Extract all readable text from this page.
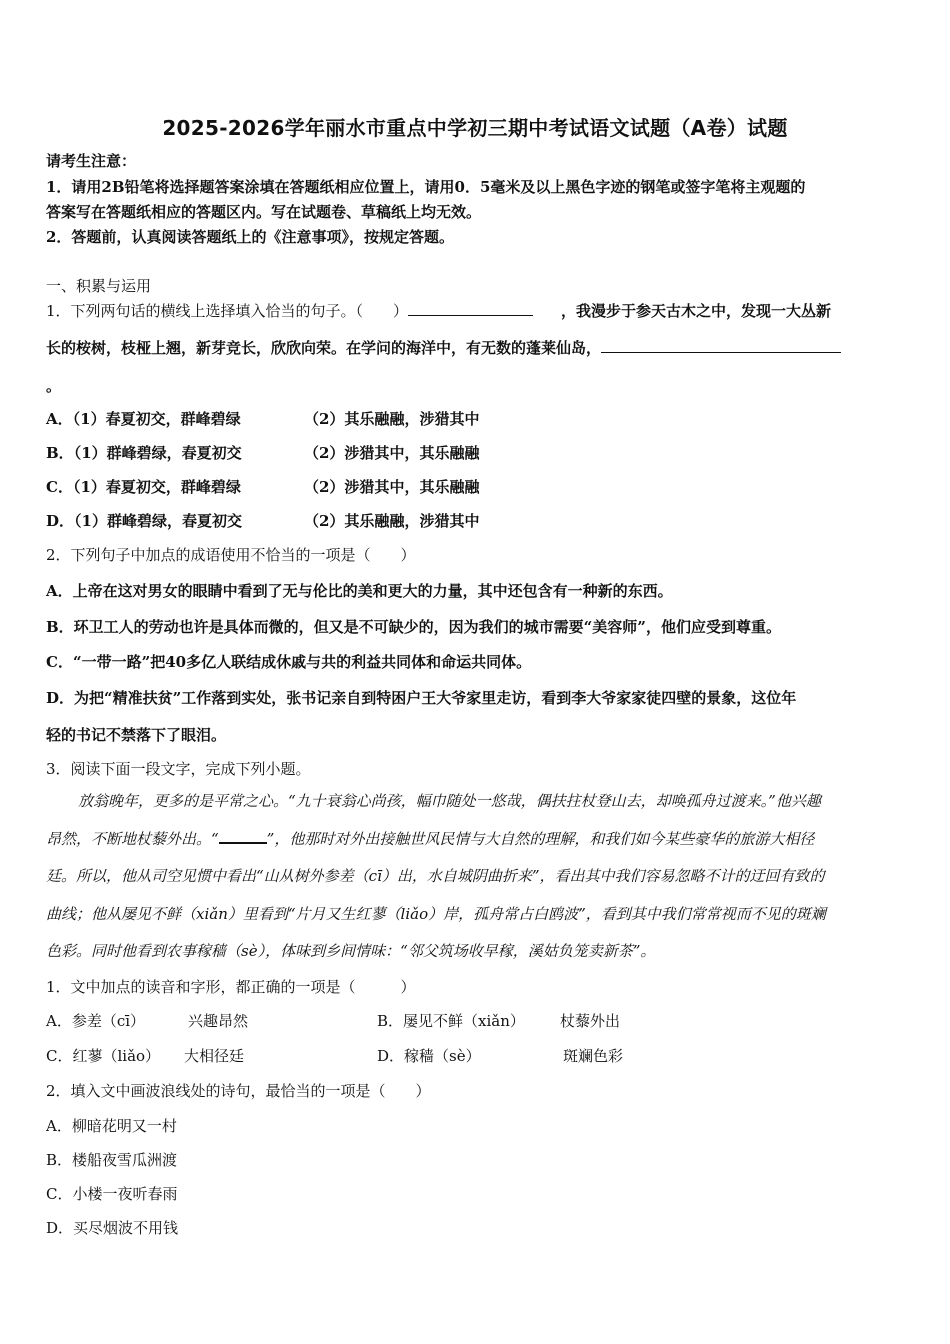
2025-2026学年丽水市重点中学初三期中考试语文试题（A卷）试题
请考生注意：
1．请用2B铅笔将选择题答案涂填在答题纸相应位置上，请用0．5毫米及以上黑色字迹的钢笔或签字笔将主观题的
答案写在答题纸相应的答题区内。写在试题卷、草稿纸上均无效。
2．答题前，认真阅读答题纸上的《注意事项》，按规定答题。
一、积累与运用
1．下列两句话的横线上选择填入恰当的句子。（　　）	，我漫步于参天古木之中，发现一大丛新
长的桉树，枝桠上翘，新芽竞长，欣欣向荣。在学问的海洋中，有无数的蓬莱仙岛，
。
A．（1）春夏初交，群峰碧绿	（2）其乐融融，涉猎其中
B．（1）群峰碧绿，春夏初交	（2）涉猎其中，其乐融融
C．（1）春夏初交，群峰碧绿	（2）涉猎其中，其乐融融
D．（1）群峰碧绿，春夏初交	（2）其乐融融，涉猎其中
2．下列句子中加点的成语使用不恰当的一项是（　　）
A．上帝在这对男女的眼睛中看到了无与伦比的美和更大的力量，其中还包含有一种新的东西。
B．环卫工人的劳动也许是具体而微的，但又是不可缺少的，因为我们的城市需要“美容师”，他们应受到尊重。
C．“一带一路”把40多亿人联结成休戚与共的利益共同体和命运共同体。
D．为把“精准扶贫”工作落到实处，张书记亲自到特困户王大爷家里走访，看到李大爷家家徒四壁的景象，这位年
轻的书记不禁落下了眼泪。
3．阅读下面一段文字，完成下列小题。
放翁晚年，更多的是平常之心。“九十衰翁心尚孩，幅巾随处一悠哉，偶扶拄杖登山去，却唤孤舟过渡来。”他兴趣
昂然，不断地杖藜外出。“	”，他那时对外出接触世风民情与大自然的理解，和我们如今某些豪华的旅游大相径
廷。所以，他从司空见惯中看出“山从树外参差（cī）出，水自城阴曲折来”，看出其中我们容易忽略不计的迂回有致的
曲线；他从屡见不鲜（xiǎn）里看到“片月又生红蓼（liǎo）岸，孤舟常占白鸥波”，看到其中我们常常视而不见的斑斓
色彩。同时他看到农事稼穑（sè），体味到乡间情味：“邻父筑场收早稼，溪姑负笼卖新茶”。
1．文中加点的读音和字形，都正确的一项是（　　　）
A．参差（cī）	兴趣昂然	B．屡见不鲜（xiǎn） 杖藜外出
C．红蓼（liǎo） 大相径廷	D．稼穑（sè）	斑斓色彩
2．填入文中画波浪线处的诗句，最恰当的一项是（　　）
A．柳暗花明又一村
B．楼船夜雪瓜洲渡
C．小楼一夜听春雨
D．买尽烟波不用钱
